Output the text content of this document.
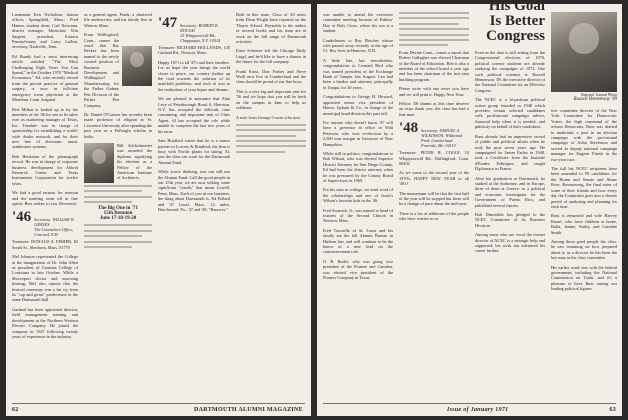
Lieutenant Ken Nicholson, liaison officer, Springfield, Mass.; Fred Hamm, student dean; Carl Newman, district manager, Montclair; Win Sargent, president, Eastern Pennsylvania; and Larry Lufkin, secretary, Nashville, Tenn.

Ed Bundy had a most interesting article entitled "The Most Challenging Eight Years You Can Spend," in the October 1970 "Medical Economics." Ed, who recently retired from the private practice of general surgery, is now in full-time emergency room physician at the Meridian, Conn. hospital.

Bert Milton is looked up to by the members of the '46 for one as he takes over as marketing manager of Texas, Inc. Teesdale was in charge of sponsorship for establishing a world-wide dealer network, and for their new line of electronic music synthesizer systems.

Bob Heckman of the phonograph record. He was in charge of corporate business development for Abbott Research Center and Texas Instruments Corporation for twelve years.

We had a good turnout for reunion and the meeting went off in fine spirits. Best wishes to you, Reverend.

'46 Secretary: WILLIAM W. GRAVES
The Counselors Office, Concord, N.H.

Treasurer: DONALD S. FISHER, 82 South St., Sherborn, Mass. 01770

Mel Johnson represented the College at the inauguration of Dr. John Allen as president of Canisius College of Louisiana in late October. While a Shreveport doctor and assessing hearing, Mel also reports that the festival ceremony was a far cry from its "cap and gown" predecessor in the same Dartmouth hall.

Garland has been appointed director, field management training and development at the Northern Western Electric Company. He joined the company in 1947 following twenty years of experience in the industry.

as a general agent. Frank, a chartered life underwriter, and his family live in Weston, Mass.

From Wallingford, Conn., comes the word that Bar Becker has been named to the newly created position of Business Development and Wallingford Manufacturing for the Parker Gidney Pen Division of the Parker Pen Company.

Dr. Daniel O'Connor has recently been made professor of religion at St. Lawrence University after spending the past year as a Fulbright scholar in India.

Bill Schlichtmeier was awarded the diploma signifying his election as a Fellow of the American Institute of Architects.

The Big One in '71
15th Reunion
June 17-18-19-20
'47 Secretary: ROBERT K. ROUGH
25 Whippoorwill Rd., Chappaqua, N.Y. 10514

Treasurer: RICHARD HOLLANDS, 145 Garland Rd., Newton, Mass.

Happy 1971 to all '47's and their families. Let us hope the year brings the world closer to peace, our country further up the road towards the solution of its manifold problems, and each of you to the realization of your hopes and dreams.

We are pleased to announce that Alan Levy of Peterborough Road, 6, Harrison, N.Y. has accepted the difficult, time consuming, and important task of Class Agent. Al has accepted the role while unable to complete the last two years of his term.

Sam Bradford writes that he is a senior partner in Lowrey & Bradford, the firm is busy with Nordic plants for skiing. Al, you the class can work for the Dartmouth Alumni Fund.

While you're thinking, you can still use the Alumni Fund. Call the good people in our 25th year, we are now talking some significant "results" that mean Lowell, Penn, Mass. Each of you in our business, the thing about Dartmouth is. Ed Pollard and '47 Laval, Mass., 12 miles, Beechwood, Pa., '47 and '49, "Hanover."

Both in this issue, Class of '49 notes from Dean Wright have reported on the Thayer School. Reynolds is the author of several books and his team are at work on the full range of Dartmouth activities.

Ernst Scheerer left the Chicago Daily Legal, and he'd like to have a chance in the future for the full company.

Frank Ernst, Don Forbes and Steve Weill now live in Cumberland and the class should be proud of our fine boys.

This is a very big and important year for '56 and we hope that you will be back on the campus in June to help us celebrate.

A note from George Crozes who now

62	DARTMOUTH ALUMNI MAGAZINE

was unable to attend the executive committee meeting because of Fathers' Day at Holy Cross, where his son is a student.

Condolences to Ray Fletcher whose wife passed away recently at the age of 51. Ray lives in Hanover, N.H.

A little late, but nevertheless, congratulations to Leonard Bird who was named president of the Exchange Bank of Tamper last August. Len had been a banker and attorney, principally in Tampa, for 20 years.

Congratulations to George H. Howard, appointed senior vice president of Harris, Uphain & Co., in charge of the municipal bond division this past fall.

For anyone who doesn't know '47 will have a governor in office in Walt Peterson, who won re-election by a 2,500 vote margin as Governor of New Hampshire.

While still in politics, congratulations to Bob Wilson, who was elected Superior District Attorney for San Diego County. Ed had been the district attorney when he was pressured by the County Board of Supervisors in 1969.

For his sons in college, we send word of the scholarships and one of Irwin's Wilson's favorite kids in the '46.

Fred Swanick, Jr., was named to head of trustees of the Second Church in Newton, Mass.

Fred Tousselle of St. Louis and his family are the fall Alumni Bureau in Hudson last, and will continue to be the honor of a new lead on the commencement role.

O. R. Butler, who was going vice president of the Pioneer and Camden, was elected vice president of the Pioneer Company in Texas.

From Devine Conn., comes a report that Robert Gallagher was elected Chairman of the Board of Education. Bob is also a member of the school board a year ago and has been chairman of the two-year building program.

Please write with any news you have and we will print it. Happy New Year.

Fellow '48 alumni at this time deserve an extra thank you; the class has had a fine time.

'48 Secretary: SAMUEL A. WILKINSON, Wildwood Park, Cumberland Foreside, Me. 04110

Treasurer: PETER R. COGGI, 10 Whippoorwill Rd., Wallingford, Conn. 06492

As we come to the second year of the 1970's, HAPPY NEW YEAR to all '48's!

The momentum will be that the first half of the year will be stopped but there will be a change of pace about the mid-year.

There is a list of addresses of the people who have written to us.

His Goal Is Better Congress

Even as the dust is still setting from the Congressional elections of 1970, political science students are already studying the campaigns of 1972. One such political scientist is Russell Hemenway '49, the executive director of the National Committee for an Effective Congress.

The NCEC is a bi-partisan political action group founded in 1948 which provides certain selected candidates with professional campaign advice, financial help when it is needed, and publicity on behalf of their candidates.

Russ already had an impressive record of public and political affairs when he took the post seven years ago. He campaigned for James Farley in 1948, took a Certificate from the Institute d'Etudes Politiques, and taught Diplomacy in France.

After his graduation at Dartmouth, he studied at the Sorbonne, and in Europe, three of them at Greece, as a political and economic investigator for the Government of Puerto Rico, and published several reports.

Bob Dinwiddie has pledged to the NCEC Committee of its Business Division.

Among some who are vocal the former director of NCEC is a strategic help and supported; his work has advanced his career further.

National Journal Photo
Russell Hemenway '49

tive committee director of the New York Committee for Democratic Voters, the high command of the reform Democrats, Russ was drafted to undertake a post in an election campaign with the provisional campaign of Adlai Stevenson and served as deputy national campaign manager for Eugene Finish in the two-year race.

The full list NCEC recipients have been amended to 99 candidates for the House and Senate and Abner Rose, Rosenzweig, the final sister of some of their friends and how every day the Committee goes into a shorter period of analyzing and planning for each time.

Russ is remarried and wife Harvey Knauf, who have children at home, Bulla, Janine, Kathy, and Caroline Smith.

Among those good people the class, he saw trimming on how prepared about it; as a director he has been the key man in the class committee.

His earlier work was with the federal government, including the National Commission on Trade, and it's a pleasure to have Russ among our leading political figures.

Issue of January 1971	63
